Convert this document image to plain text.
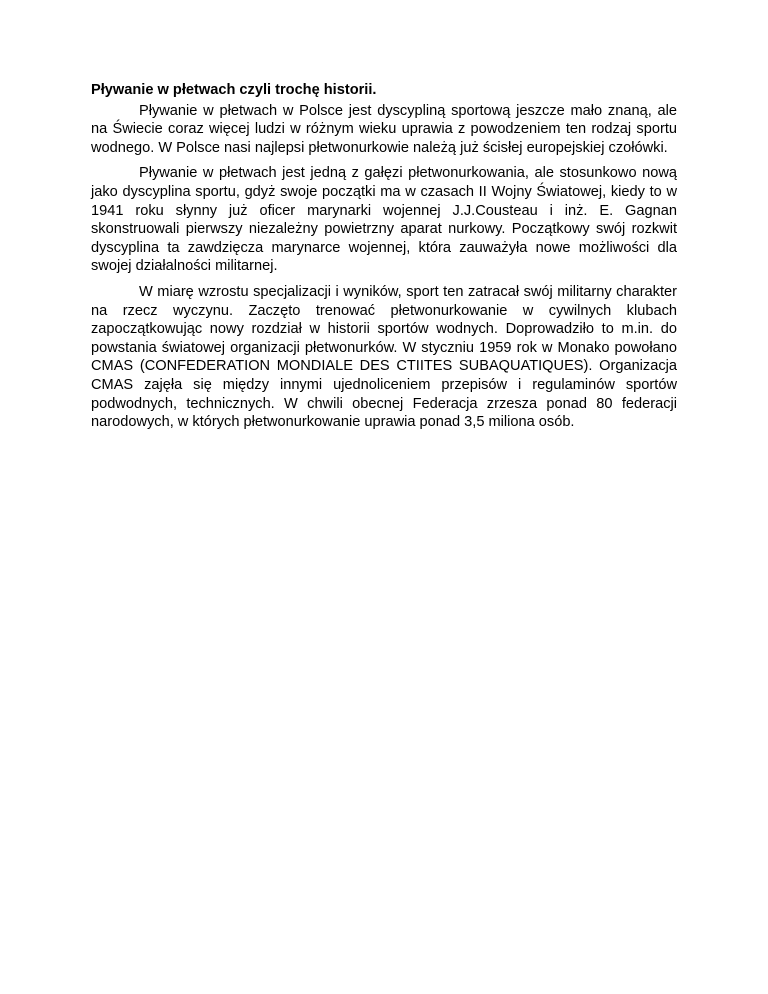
Pływanie w płetwach czyli trochę historii.

Pływanie w płetwach w Polsce jest dyscypliną sportową jeszcze mało znaną, ale na Świecie coraz więcej ludzi w różnym wieku uprawia z powodzeniem ten rodzaj sportu wodnego. W Polsce nasi najlepsi płetwonurkowie należą już ścisłej europejskiej czołówki.

Pływanie w płetwach jest jedną z gałęzi płetwonurkowania, ale stosunkowo nową jako dyscyplina sportu, gdyż swoje początki ma w czasach II Wojny Światowej, kiedy to w 1941 roku słynny już oficer marynarki wojennej J.J.Cousteau i inż. E. Gagnan skonstruowali pierwszy niezależny powietrzny aparat nurkowy. Początkowy swój rozkwit dyscyplina ta zawdzięcza marynarce wojennej, która zauważyła nowe możliwości dla swojej działalności militarnej.

W miarę wzrostu specjalizacji i wyników, sport ten zatracał swój militarny charakter na rzecz wyczynu. Zaczęto trenować płetwonurkowanie w cywilnych klubach zapoczątkowując nowy rozdział w historii sportów wodnych. Doprowadziło to m.in. do powstania światowej organizacji płetwonurków. W styczniu 1959 rok w Monako powołano CMAS (CONFEDERATION MONDIALE DES CTIITES SUBAQUATIQUES). Organizacja CMAS zajęła się między innymi ujednoliceniem przepisów i regulaminów sportów podwodnych, technicznych. W chwili obecnej Federacja zrzesza ponad 80 federacji narodowych, w których płetwonurkowanie uprawia ponad 3,5 miliona osób.
